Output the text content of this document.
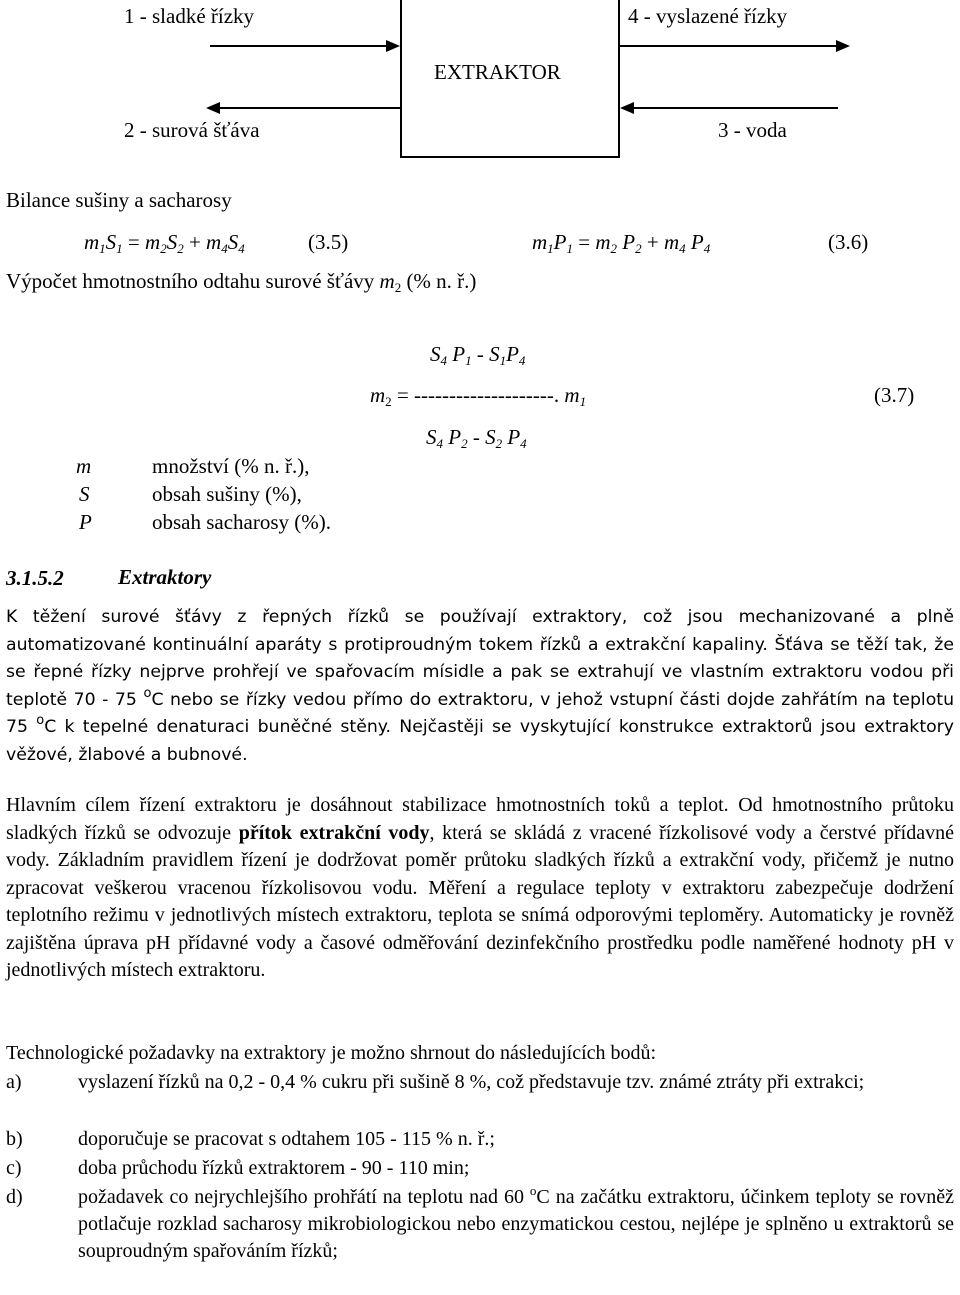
1 - sladké řízky	4 - vyslazené řízky
EXTRAKTOR
2 - surová šťáva	3 - voda
Bilance sušiny a sacharosy
$m_1S_1 = m_2S_2 + m_4S_4$	(3.5)	$m_1P_1 = m_2$ $P_2 + m_4$ $P_4$	(3.6)
Výpočet hmotnostního odtahu surové šťávy $m_2$ (% n. ř.)
$S_4$ $P_1 - S_1P_4$
$m_2$ = --------------------. $m_1$	(3.7)
$S_4$ $P_2 - S_2$ $P_4$
m	množství (% n. ř.),
S	obsah sušiny (%),
P	obsah sacharosy (%).
3.1.5.2	Extraktory
K těžení surové šťávy z řepných řízků se používají extraktory, což jsou mechanizované a plně automatizované kontinuální aparáty s protiproudným tokem řízků a extrakční kapaliny. Šťáva se těží tak, že se řepné řízky nejprve prohřejí ve spařovacím mísidle a pak se extrahují ve vlastním extraktoru vodou při teplotě 70 - 75 $^o$C nebo se řízky vedou přímo do extraktoru, v jehož vstupní části dojde zahřátím na teplotu 75 $^o$C k tepelné denaturaci buněčné stěny. Nejčastěji se vyskytující konstrukce extraktorů jsou extraktory věžové, žlabové a bubnové.
Hlavním cílem řízení extraktoru je dosáhnout stabilizace hmotnostních toků a teplot. Od hmotnostního průtoku sladkých řízků se odvozuje přítok extrakční vody, která se skládá z vracené řízkolisové vody a čerstvé přídavné vody. Základním pravidlem řízení je dodržovat poměr průtoku sladkých řízků a extrakční vody, přičemž je nutno zpracovat veškerou vracenou řízkolisovou vodu. Měření a regulace teploty v extraktoru zabezpečuje dodržení teplotního režimu v jednotlivých místech extraktoru, teplota se snímá odporovými teploměry. Automaticky je rovněž zajištěna úprava pH přídavné vody a časové odměřování dezinfekčního prostředku podle naměřené hodnoty pH v jednotlivých místech extraktoru.
Technologické požadavky na extraktory je možno shrnout do následujících bodů:
a)	vyslazení řízků na 0,2 - 0,4 % cukru při sušině 8 %, což představuje tzv. známé ztráty při extrakci;
b)	doporučuje se pracovat s odtahem 105 - 115 % n. ř.;
c)	doba průchodu řízků extraktorem - 90 - 110 min;
d)	požadavek co nejrychlejšího prohřátí na teplotu nad 60 $^o$C na začátku extraktoru, účinkem teploty se rovněž potlačuje rozklad sacharosy mikrobiologickou nebo enzymatickou cestou, nejlépe je splněno u extraktorů se souproudným spařováním řízků;
